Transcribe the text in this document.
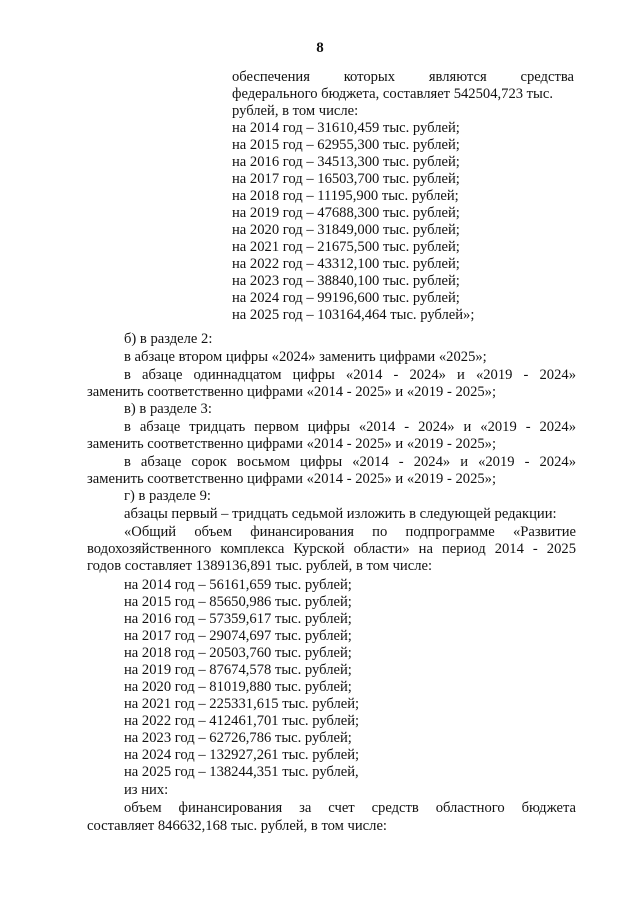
8
обеспечения которых являются средства
федерального бюджета, составляет 542504,723 тыс.
рублей, в том числе:
на 2014 год – 31610,459 тыс. рублей;
на 2015 год – 62955,300 тыс. рублей;
на 2016 год – 34513,300 тыс. рублей;
на 2017 год – 16503,700 тыс. рублей;
на 2018 год – 11195,900 тыс. рублей;
на 2019 год – 47688,300 тыс. рублей;
на 2020 год – 31849,000 тыс. рублей;
на 2021 год – 21675,500 тыс. рублей;
на 2022 год – 43312,100 тыс. рублей;
на 2023 год – 38840,100 тыс. рублей;
на 2024 год – 99196,600 тыс. рублей;
на 2025 год – 103164,464 тыс. рублей»;
б) в разделе 2:
в абзаце втором цифры «2024» заменить цифрами «2025»;
в абзаце одиннадцатом цифры «2014 - 2024» и «2019 - 2024»
заменить соответственно цифрами «2014 - 2025» и «2019 - 2025»;
в) в разделе 3:
в абзаце тридцать первом цифры «2014 - 2024» и «2019 - 2024»
заменить соответственно цифрами «2014 - 2025» и «2019 - 2025»;
в абзаце сорок восьмом цифры «2014 - 2024» и «2019 - 2024»
заменить соответственно цифрами «2014 - 2025» и «2019 - 2025»;
г) в разделе 9:
абзацы первый – тридцать седьмой изложить в следующей редакции:
«Общий объем финансирования по подпрограмме «Развитие
водохозяйственного комплекса Курской области» на период 2014 - 2025
годов составляет 1389136,891 тыс. рублей, в том числе:
на 2014 год – 56161,659 тыс. рублей;
на 2015 год – 85650,986 тыс. рублей;
на 2016 год – 57359,617 тыс. рублей;
на 2017 год – 29074,697 тыс. рублей;
на 2018 год – 20503,760 тыс. рублей;
на 2019 год – 87674,578 тыс. рублей;
на 2020 год – 81019,880 тыс. рублей;
на 2021 год – 225331,615 тыс. рублей;
на 2022 год – 412461,701 тыс. рублей;
на 2023 год – 62726,786 тыс. рублей;
на 2024 год – 132927,261 тыс. рублей;
на 2025 год – 138244,351 тыс. рублей,
из них:
объем финансирования за счет средств областного бюджета
составляет 846632,168 тыс. рублей, в том числе:
